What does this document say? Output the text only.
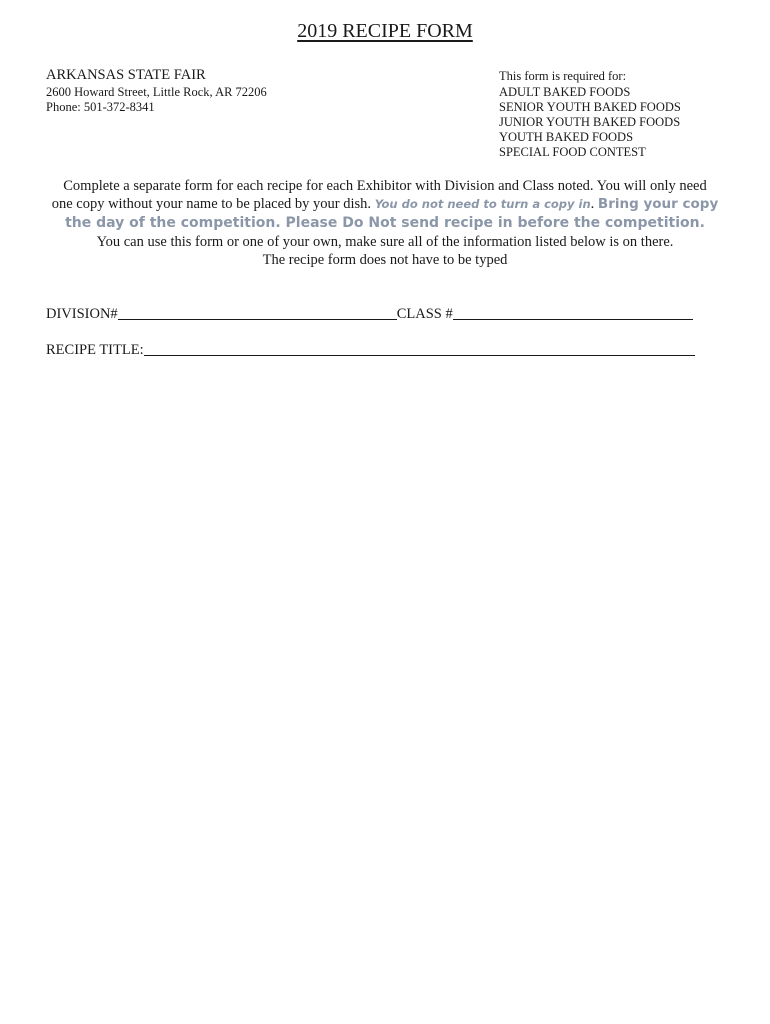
2019 RECIPE FORM
ARKANSAS STATE FAIR
2600 Howard Street, Little Rock, AR 72206
Phone: 501-372-8341
This form is required for:
ADULT BAKED FOODS
SENIOR YOUTH BAKED FOODS
JUNIOR YOUTH BAKED FOODS
YOUTH BAKED FOODS
SPECIAL FOOD CONTEST

Complete a separate form for each recipe for each Exhibitor with Division and Class noted. You will only need

one copy without your name to be placed by your dish. You do not need to turn a copy in. Bring your copy

the day of the competition. Please Do Not send recipe in before the competition.

You can use this form or one of your own, make sure all of the information listed below is on there.

The recipe form does not have to be typed

DIVISION#	CLASS #
RECIPE TITLE:
